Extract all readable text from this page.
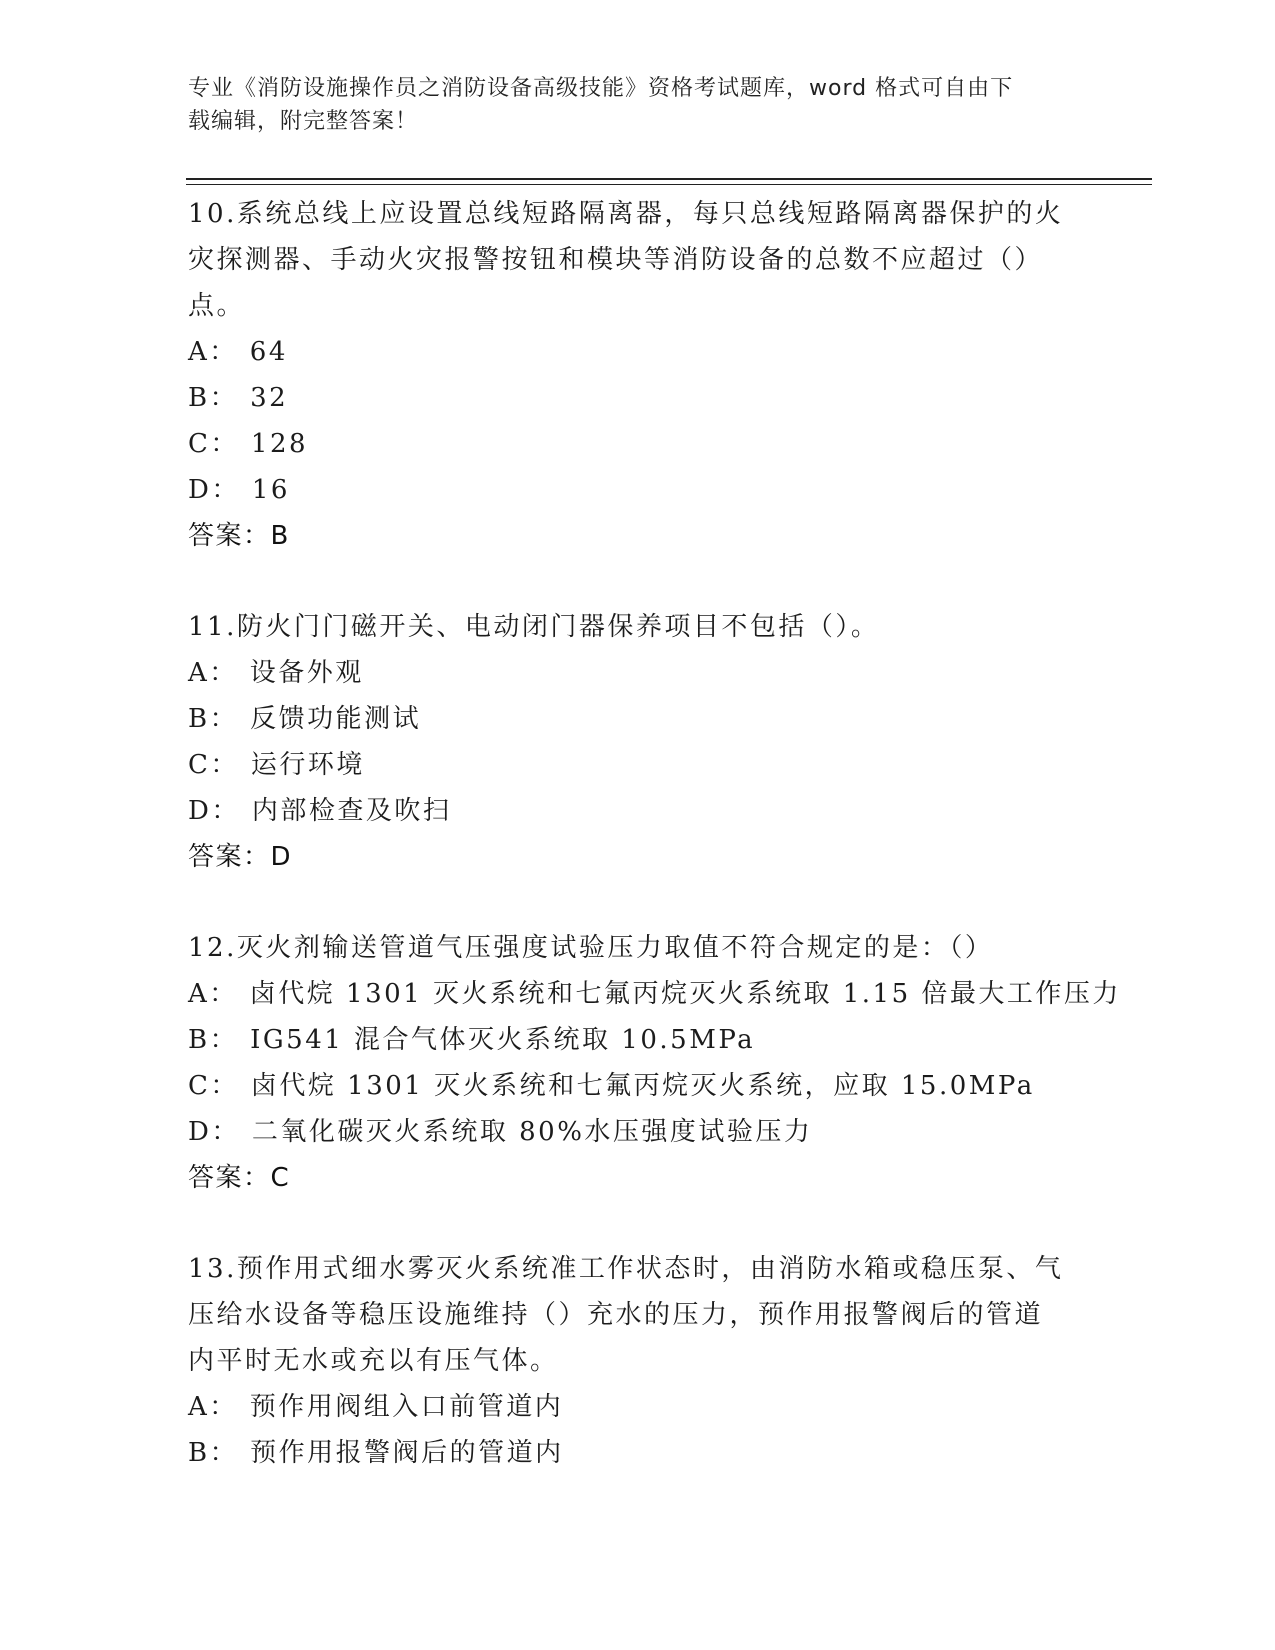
专业《消防设施操作员之消防设备高级技能》资格考试题库，word 格式可自由下
载编辑，附完整答案！
10.系统总线上应设置总线短路隔离器，每只总线短路隔离器保护的火
灾探测器、手动火灾报警按钮和模块等消防设备的总数不应超过（）
点。
A： 64
B： 32
C： 128
D： 16
答案：B
11.防火门门磁开关、电动闭门器保养项目不包括（）。
A： 设备外观
B： 反馈功能测试
C： 运行环境
D： 内部检查及吹扫
答案：D
12.灭火剂输送管道气压强度试验压力取值不符合规定的是：（）
A： 卤代烷 1301 灭火系统和七氟丙烷灭火系统取 1.15 倍最大工作压力
B： IG541 混合气体灭火系统取 10.5MPa
C： 卤代烷 1301 灭火系统和七氟丙烷灭火系统，应取 15.0MPa
D： 二氧化碳灭火系统取 80%水压强度试验压力
答案：C
13.预作用式细水雾灭火系统准工作状态时，由消防水箱或稳压泵、气
压给水设备等稳压设施维持（）充水的压力，预作用报警阀后的管道
内平时无水或充以有压气体。
A： 预作用阀组入口前管道内
B： 预作用报警阀后的管道内
